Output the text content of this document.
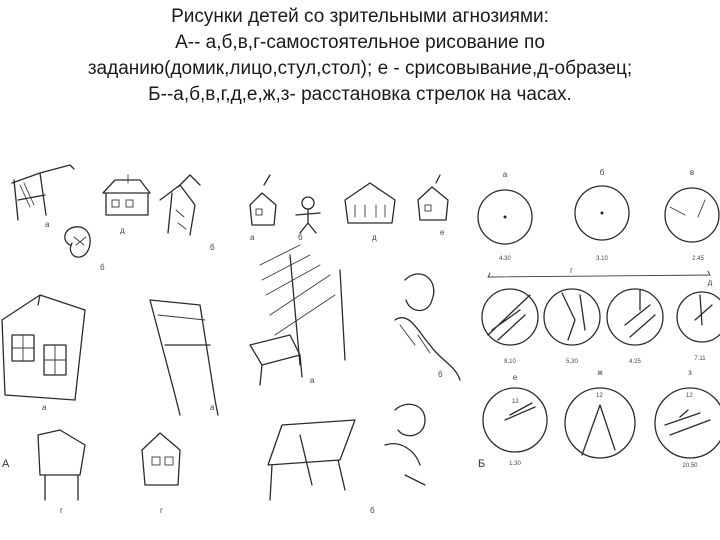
Рисунки детей со зрительными агнозиями:
А-- а,б,в,г-самостоятельное рисование по
заданию(домик,лицо,стул,стол); е - срисовывание,д-образец;
Б--а,б,в,г,д,е,ж,з- расстановка стрелок на часах.
а
б
д
а	б	д
е
б
а
а
б
а
г	г	б
А
а
4.30
б
3.10
в
2.45
г
8.10	5.30	4.25
д
7.11
12
е
1.30
12
ж
12
з
20.50
Б
